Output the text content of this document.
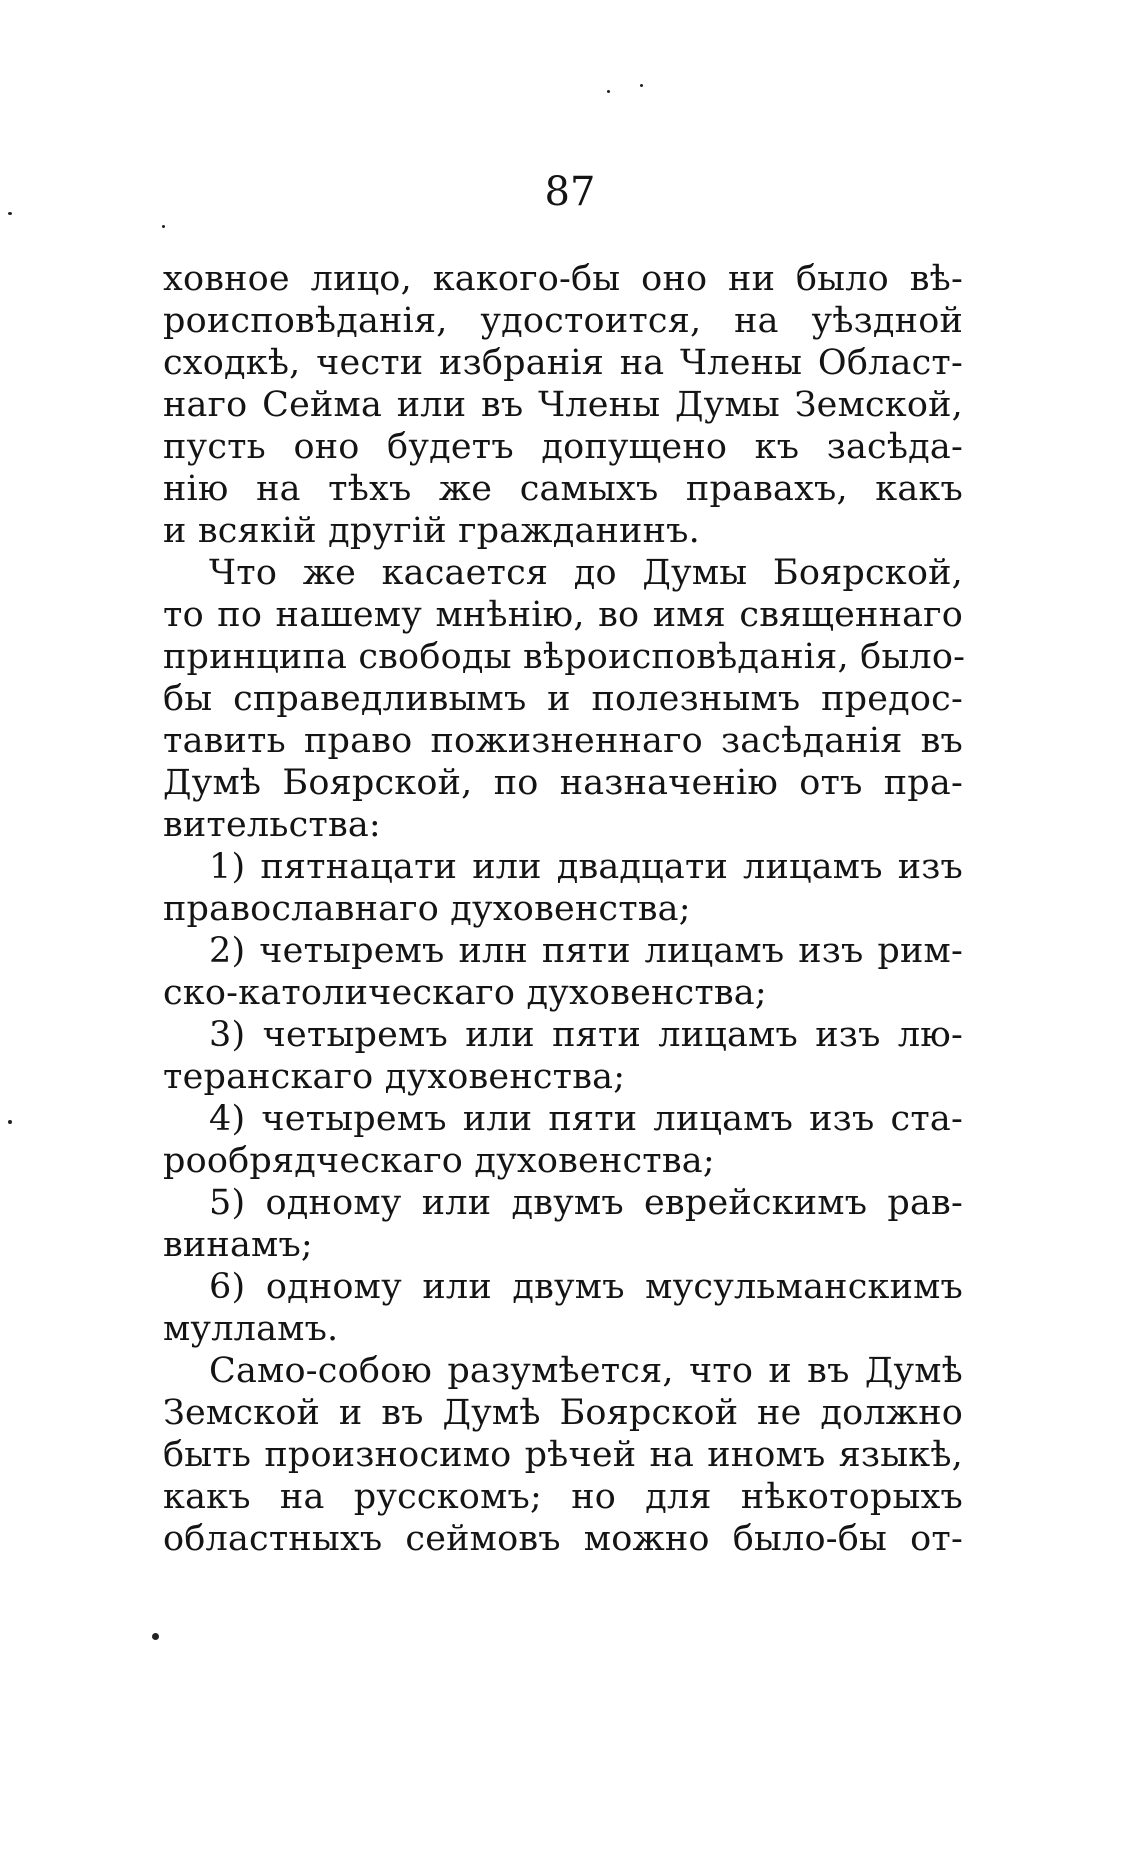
87
ховное лицо, какого-бы оно ни было вѣ-
роисповѣданія, удостоится, на уѣздной
сходкѣ, чести избранія на Члены Област-
наго Сейма или въ Члены Думы Земской,
пусть оно будетъ допущено къ засѣда-
нію на тѣхъ же самыхъ правахъ, какъ
и всякій другій гражданинъ.
Что же касается до Думы Боярской,
то по нашему мнѣнію, во имя священнаго
принципа свободы вѣроисповѣданія, было-
бы справедливымъ и полезнымъ предос-
тавить право пожизненнаго засѣданія въ
Думѣ Боярской, по назначенію отъ пра-
вительства:
1) пятнацати или двадцати лицамъ изъ
православнаго духовенства;
2) четыремъ илн пяти лицамъ изъ рим-
ско-католическаго духовенства;
3) четыремъ или пяти лицамъ изъ лю-
теранскаго духовенства;
4) четыремъ или пяти лицамъ изъ ста-
рообрядческаго духовенства;
5) одному или двумъ еврейскимъ рав-
винамъ;
6) одному или двумъ мусульманскимъ
мулламъ.
Само-собою разумѣется, что и въ Думѣ
Земской и въ Думѣ Боярской не должно
быть произносимо рѣчей на иномъ языкѣ,
какъ на русскомъ; но для нѣкоторыхъ
областныхъ сеймовъ можно было-бы от-
